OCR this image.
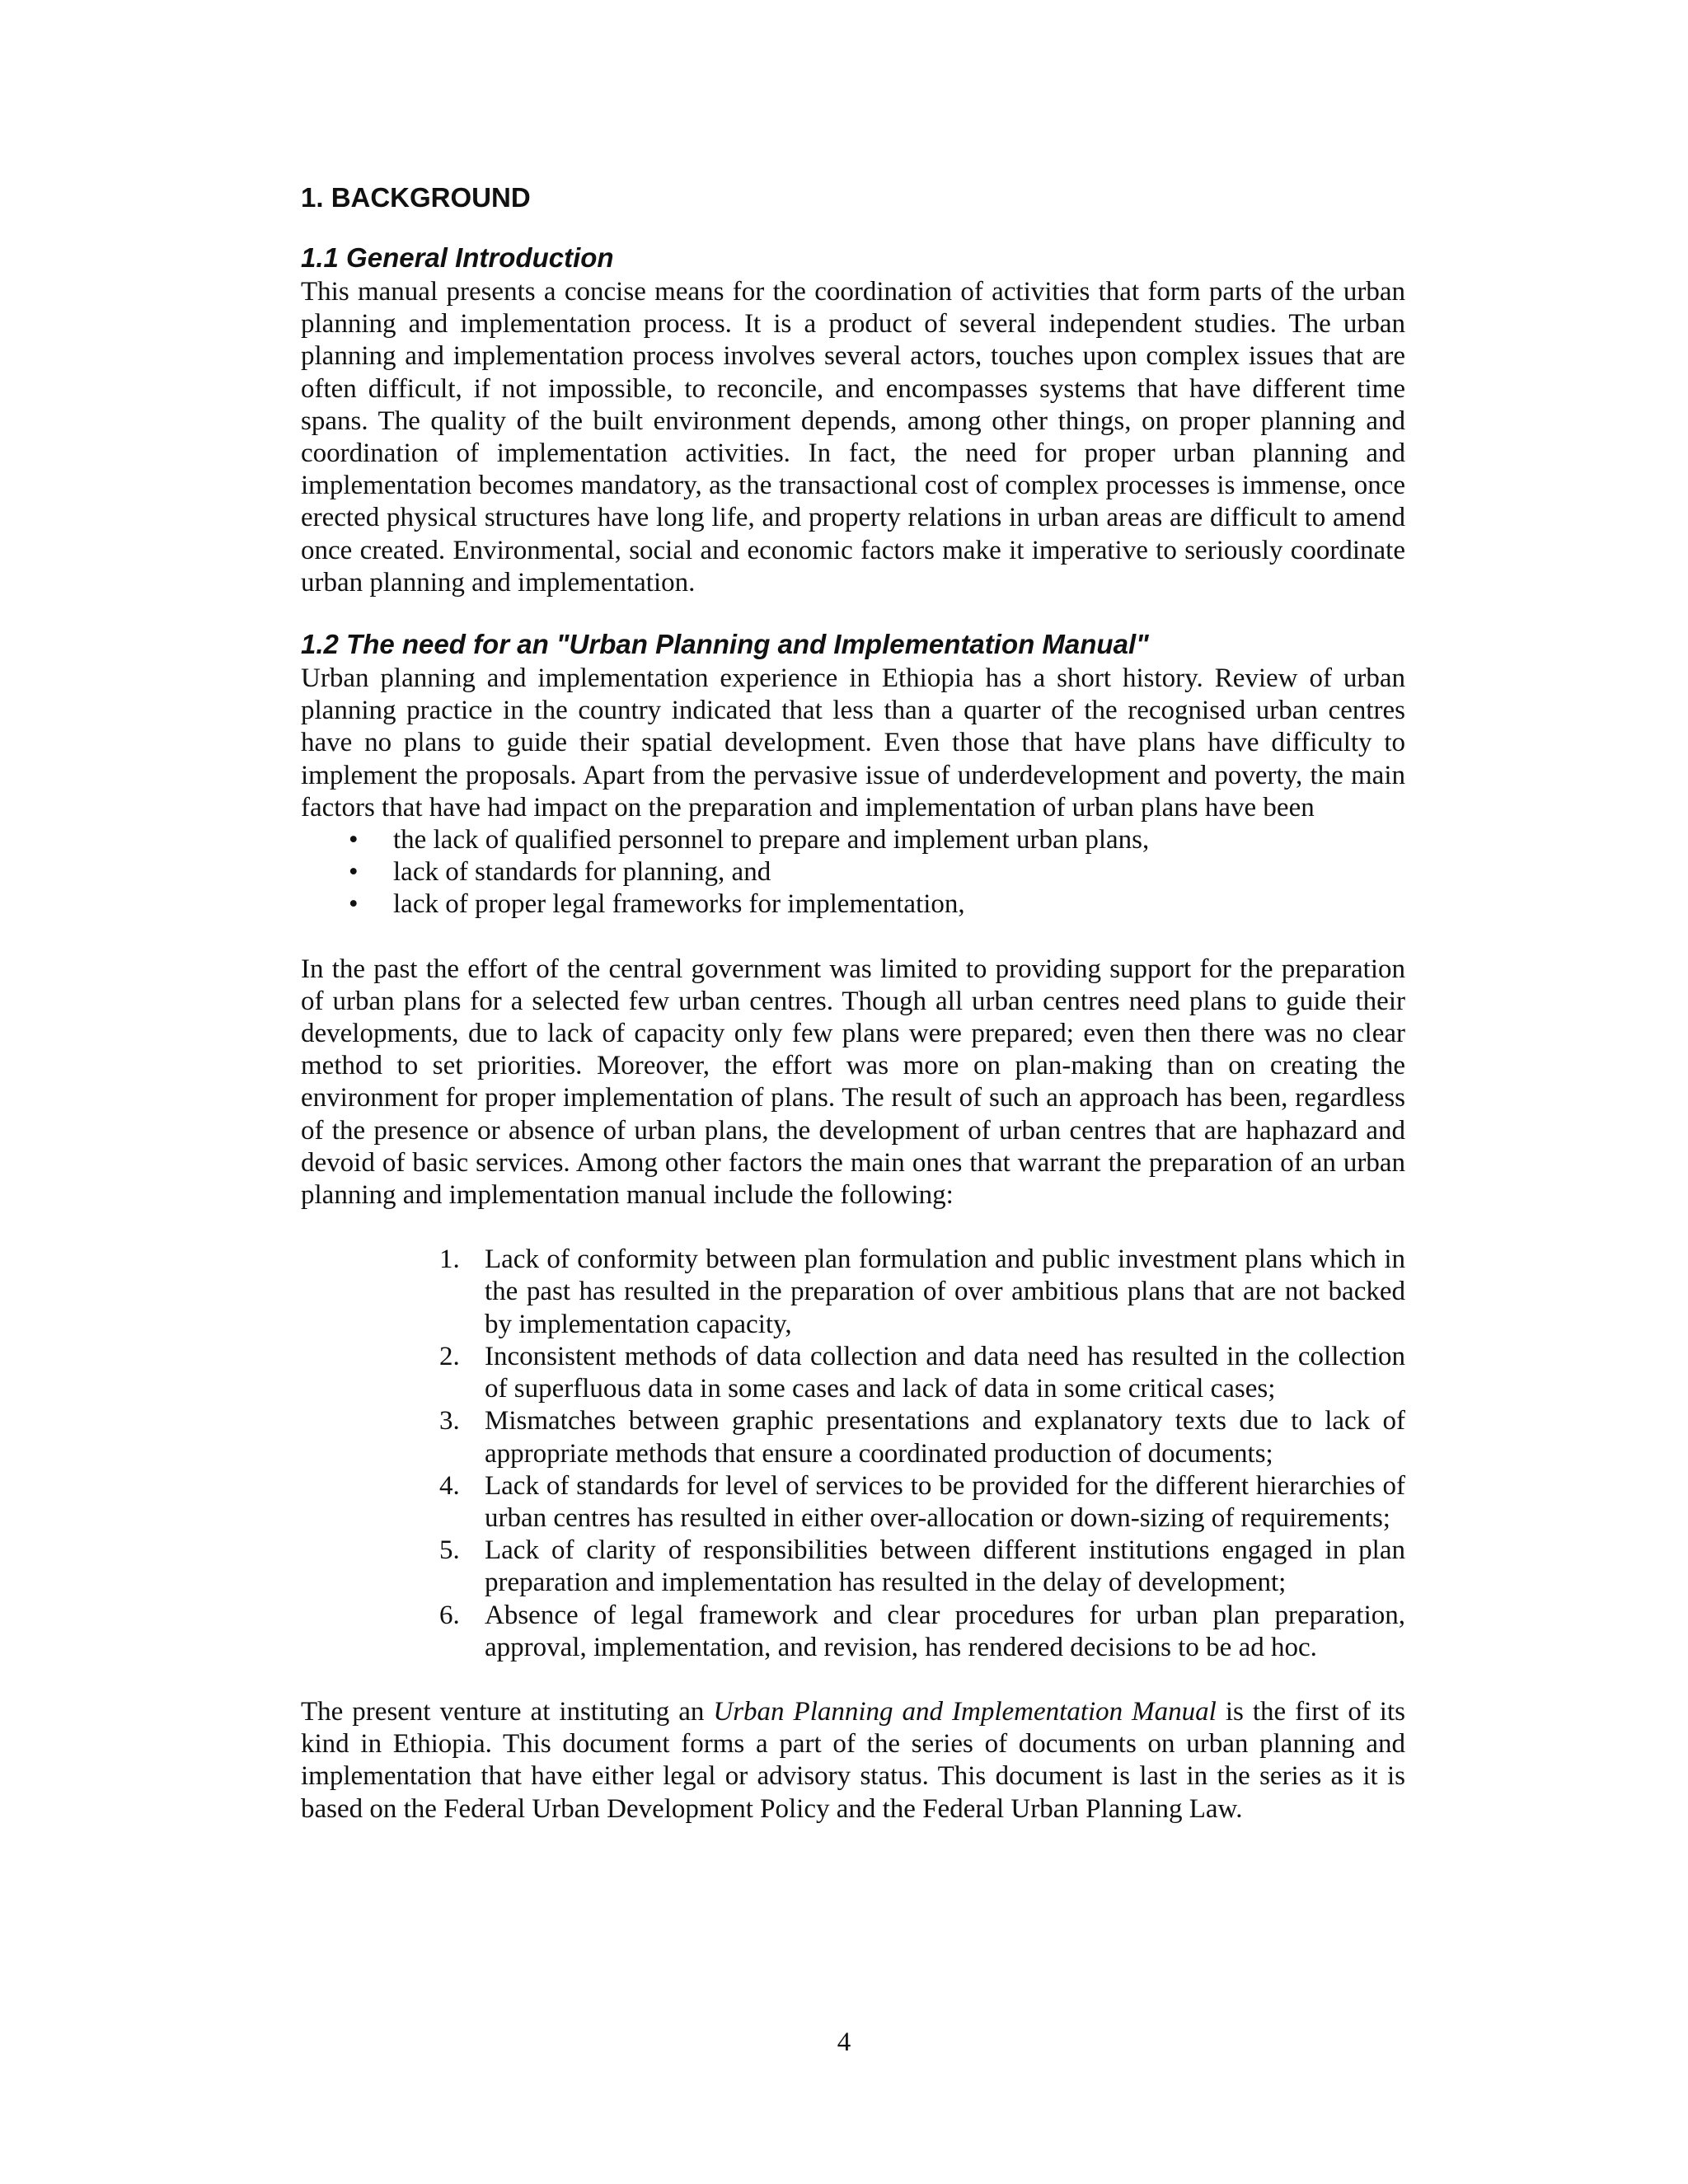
1. BACKGROUND
1.1 General Introduction

This manual presents a concise means for the coordination of activities that form parts of the urban planning and implementation process. It is a product of several independent studies. The urban planning and implementation process involves several actors, touches upon complex issues that are often difficult, if not impossible, to reconcile, and encompasses systems that have different time spans. The quality of the built environment depends, among other things, on proper planning and coordination of implementation activities. In fact, the need for proper urban planning and implementation becomes mandatory, as the transactional cost of complex processes is immense, once erected physical structures have long life, and property relations in urban areas are difficult to amend once created. Environmental, social and economic factors make it imperative to seriously coordinate urban planning and implementation.

1.2 The need for an "Urban Planning and Implementation Manual"

Urban planning and implementation experience in Ethiopia has a short history. Review of urban planning practice in the country indicated that less than a quarter of the recognised urban centres have no plans to guide their spatial development. Even those that have plans have difficulty to implement the proposals. Apart from the pervasive issue of underdevelopment and poverty, the main factors that have had impact on the preparation and implementation of urban plans have been

• the lack of qualified personnel to prepare and implement urban plans,
• lack of standards for planning, and
• lack of proper legal frameworks for implementation,

In the past the effort of the central government was limited to providing support for the preparation of urban plans for a selected few urban centres. Though all urban centres need plans to guide their developments, due to lack of capacity only few plans were prepared; even then there was no clear method to set priorities. Moreover, the effort was more on plan-making than on creating the environment for proper implementation of plans. The result of such an approach has been, regardless of the presence or absence of urban plans, the development of urban centres that are haphazard and devoid of basic services. Among other factors the main ones that warrant the preparation of an urban planning and implementation manual include the following:

1. Lack of conformity between plan formulation and public investment plans which in the past has resulted in the preparation of over ambitious plans that are not backed by implementation capacity,
2. Inconsistent methods of data collection and data need has resulted in the collection of superfluous data in some cases and lack of data in some critical cases;
3. Mismatches between graphic presentations and explanatory texts due to lack of appropriate methods that ensure a coordinated production of documents;
4. Lack of standards for level of services to be provided for the different hierarchies of urban centres has resulted in either over-allocation or down-sizing of requirements;
5. Lack of clarity of responsibilities between different institutions engaged in plan preparation and implementation has resulted in the delay of development;
6. Absence of legal framework and clear procedures for urban plan preparation, approval, implementation, and revision, has rendered decisions to be ad hoc.

The present venture at instituting an Urban Planning and Implementation Manual is the first of its kind in Ethiopia. This document forms a part of the series of documents on urban planning and implementation that have either legal or advisory status. This document is last in the series as it is based on the Federal Urban Development Policy and the Federal Urban Planning Law.

4
